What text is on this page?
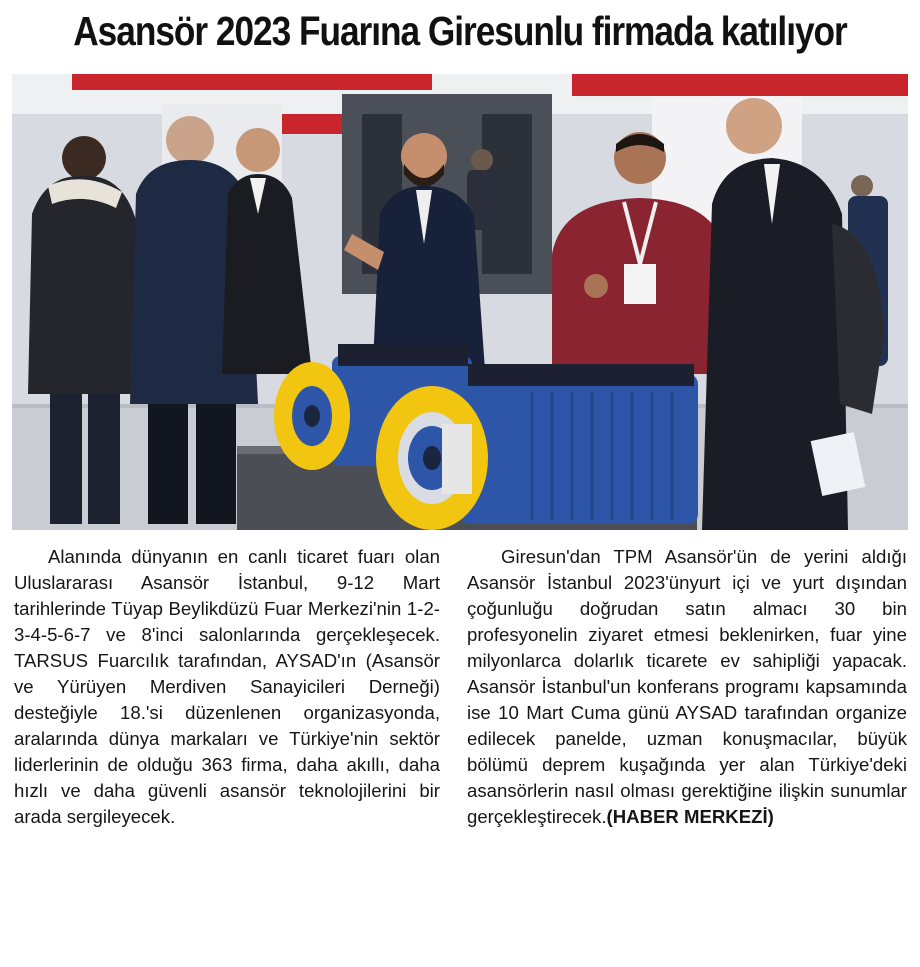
Asansör 2023 Fuarına Giresunlu firmada katılıyor

Alanında dünyanın en canlı ticaret fuarı olan Uluslararası Asansör İstanbul, 9-12 Mart tarihlerinde Tüyap Beylikdüzü Fuar Merkezi'nin 1-2-3-4-5-6-7 ve 8'inci salonlarında gerçekleşecek. TARSUS Fuarcılık tarafından, AYSAD'ın (Asansör ve Yürüyen Merdiven Sanayicileri Derneği) desteğiyle 18.'si düzenlenen organizasyonda, aralarında dünya markaları ve Türkiye'nin sektör liderlerinin de olduğu 363 firma, daha akıllı, daha hızlı ve daha güvenli asansör teknolojilerini bir arada sergileyecek.

Giresun'dan TPM Asansör'ün de yerini aldığı Asansör İstanbul 2023'ünyurt içi ve yurt dışından çoğunluğu doğrudan satın almacı 30 bin profesyonelin ziyaret etmesi beklenirken, fuar yine milyonlarca dolarlık ticarete ev sahipliği yapacak. Asansör İstanbul'un konferans programı kapsamında ise 10 Mart Cuma günü AYSAD tarafından organize edilecek panelde, uzman konuşmacılar, büyük bölümü deprem kuşağında yer alan Türkiye'deki asansörlerin nasıl olması gerektiğine ilişkin sunumlar gerçekleştirecek.(HABER MERKEZİ)
